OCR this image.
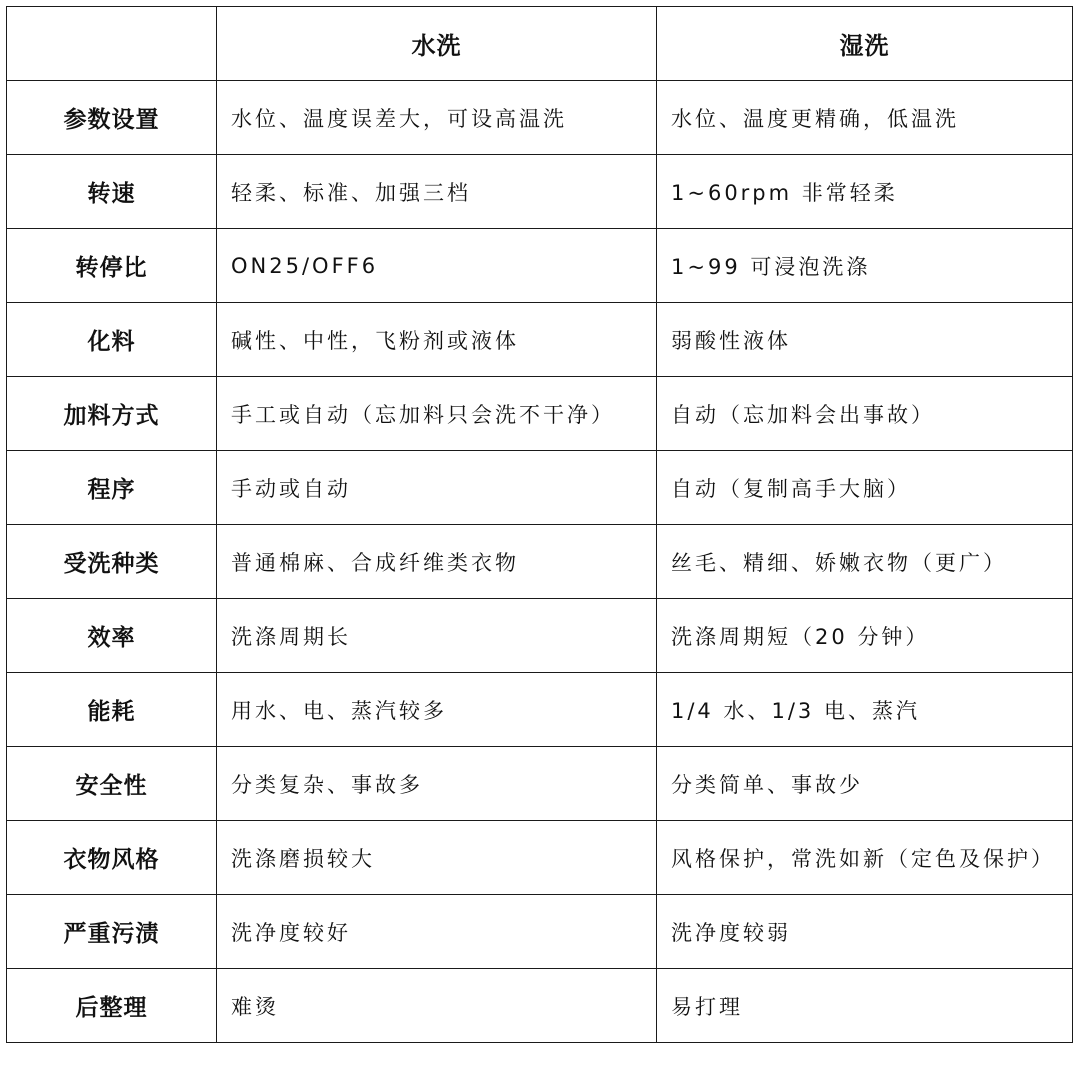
	水洗	湿洗
参数设置	水位、温度误差大，可设高温洗	水位、温度更精确，低温洗
转速	轻柔、标准、加强三档	1~60rpm 非常轻柔
转停比	ON25/OFF6	1~99 可浸泡洗涤
化料	碱性、中性，飞粉剂或液体	弱酸性液体
加料方式	手工或自动（忘加料只会洗不干净）	自动（忘加料会出事故）
程序	手动或自动	自动（复制高手大脑）
受洗种类	普通棉麻、合成纤维类衣物	丝毛、精细、娇嫩衣物（更广）
效率	洗涤周期长	洗涤周期短（20 分钟）
能耗	用水、电、蒸汽较多	1/4 水、1/3 电、蒸汽
安全性	分类复杂、事故多	分类简单、事故少
衣物风格	洗涤磨损较大	风格保护，常洗如新（定色及保护）
严重污渍	洗净度较好	洗净度较弱
后整理	难烫	易打理
